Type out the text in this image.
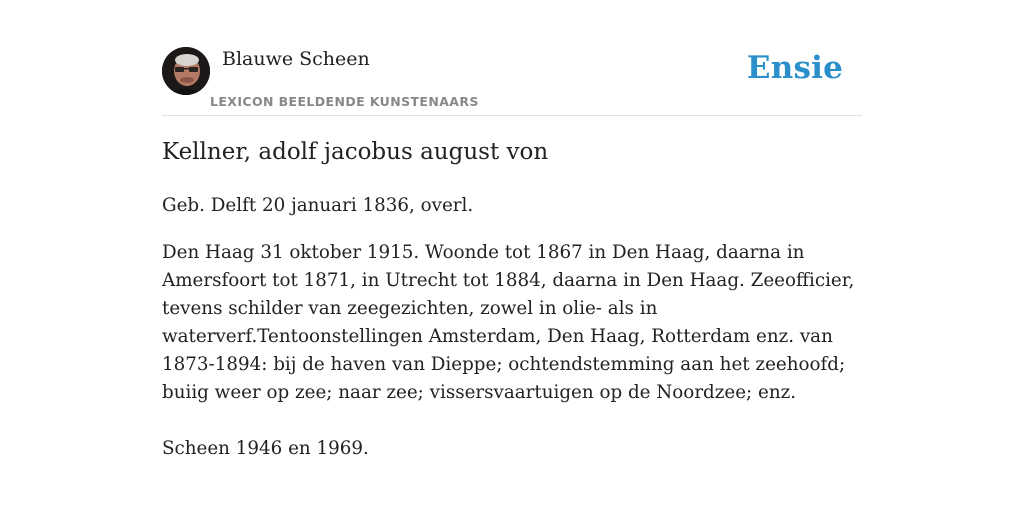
Blauwe Scheen
LEXICON BEELDENDE KUNSTENAARS
Ensie
Kellner, adolf jacobus august von

Geb. Delft 20 januari 1836, overl.

Den Haag 31 oktober 1915. Woonde tot 1867 in Den Haag, daarna in Amersfoort tot 1871, in Utrecht tot 1884, daarna in Den Haag. Zeeofficier, tevens schilder van zeegezichten, zowel in olie- als in waterverf.Tentoonstellingen Amsterdam, Den Haag, Rotterdam enz. van 1873-1894: bij de haven van Dieppe; ochtendstemming aan het zeehoofd; buiig weer op zee; naar zee; vissersvaartuigen op de Noordzee; enz.

Scheen 1946 en 1969.
